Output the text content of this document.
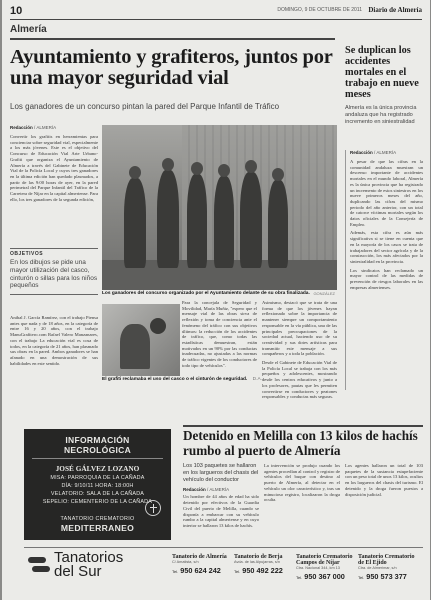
10	DOMINGO, 9 DE OCTUBRE DE 2011 Diario de Almería
Almería
Ayuntamiento y grafiteros, juntos por una mayor seguridad vial
Los ganadores de un concurso pintan la pared del Parque Infantil de Tráfico
Redacción / ALMERÍA

Convertir los grafitis en herramientas para concienciar sobre seguridad vial, especialmente a los más jóvenes. Este es el objetivo del Concurso de Educación Vial Arte Urbano-Grafiti que organiza el Ayuntamiento de Almería a través del Gabinete de Educación Vial de la Policía Local y cuyos tres ganadores en la última edición han quedado plasmados, a partir de las 9:00 horas de ayer, en la pared perimetral del Parque Infantil del Tráfico de la Carretera de Níjar en la capital almeriense. Para ello, los tres ganadores de la segunda edición,

OBJETIVOS
En los dibujos se pide una mayor utilización del casco, cinturón o sillas para los niños pequeños

Anibal J. García Ramírez, con el trabajo Piensa antes que nada y de 18 años, en la categoría de entre 16 y 20 años, con el trabajo ManuGrafitero.com Rafael Valero Manzanares, con el trabajo La educación vial es cosa de todos, en la categoría de 21 años, han plasmado sus obras en la pared. Ambos ganadores se han afanado en una demostración de sus habilidades en este sentido.

Los ganadores del concurso organizado por el Ayuntamiento delante de su obra finalizada. GONZÁLEZ

Para la concejala de Seguridad y Movilidad, María Muñiz, "espero que el mensaje vial de las obras sirva de reflexión y toma de conciencia ante el fenómeno del tráfico con sus objetivos últimos: la reducción de los accidentes de tráfico, que, como todas las estadísticas demuestran, están motivados en un 90% por las conductas inadecuadas, no ajustadas a las normas de tráfico vigentes de los conductores de todo tipo de vehículos".

Asimismo, destacó que se trata de una forma de que los jóvenes hayan reflexionado sobre la importancia de mantener siempre un comportamiento responsable en la vía pública, una de las principales preocupaciones de la sociedad actual, haciendo uso de su creatividad y sus dotes artísticas para transmitir este mensaje a sus compañeros y a toda la población.

Desde el Gabinete de Educación Vial de la Policía Local se trabaja con los más pequeños y adolescentes, mostrando desde los centros educativos y junto a los profesores, pautas que les permiten convertirse en conductores y peatones responsables y conductas más seguras.

El grafiti reclamaba el uso del casco o el cinturón de seguridad. D.A.
Se duplican los accidentes mortales en el trabajo en nueve meses
Almería es la única provincia andaluza que ha registrado incremento en siniestralidad
Redacción / ALMERÍA

A pesar de que las cifras en la comunidad andaluza muestran un descenso importante de accidentes mortales en el mundo laboral, Almería es la única provincia que ha registrado un incremento de estos siniestros en los nueve primeros meses del año, duplicando las cifras del mismo periodo del año anterior, con un total de catorce víctimas mortales según los datos oficiales de la Consejería de Empleo.

Además, esta cifra es aún más significativa si se tiene en cuenta que en la mayoría de los casos se trata de trabajadores del sector agrícola y de la construcción, los más afectados por la siniestralidad en la provincia.

Los sindicatos han reclamado un mayor control de las medidas de prevención de riesgos laborales en las empresas almerienses.

INFORMACIÓN NECROLÓGICA
JOSÉ GÁLVEZ LOZANO
MISA: PARROQUIA DE LA CAÑADA
DÍA: 9/10/11 HORA: 18:00H
VELATORIO: SALA DE LA CAÑADA
SEPELIO: CEMENTERIO DE LA CAÑADA
TANATORIO CREMATORIO
MEDITERRANEO
Detenido en Melilla con 13 kilos de hachís rumbo al puerto de Almería

Los 103 paquetes se hallaron en los largueros del chasis del vehículo del conductor

Redacción / ALMERÍA

Un hombre de 44 años de edad ha sido detenido por efectivos de la Guardia Civil del puerto de Melilla, cuando se disponía a embarcar con su vehículo rumbo a la capital almeriense y en cuyo interior se hallaron 13 kilos de hachís.

La intervención se produjo cuando los agentes procedían al control y registro de vehículos del buque con destino al puerto de Almería, al detectar en el vehículo un olor característico y, tras un minucioso registro, localizaron la droga oculta.

Los agentes hallaron un total de 103 paquetes de la sustancia estupefaciente con un peso total de unos 13 kilos, ocultos en los largueros del chasis del turismo. El detenido y la droga fueron puestos a disposición judicial.

Tanatorios
del Sur
Tanatorio de Almería
C/ Amatista, s/n
Tel. 950 624 242
Tanatorio de Berja
Avda. de las Alpujarras, s/n
Tel. 950 492 222
Tanatorio Crematorio Campos de Níjar
Ctra. Nacional 344, km 13
Tel. 950 367 000
Tanatorio Crematorio de El Ejido
Ctra. de Almerimar, s/n
Tel. 950 573 377
